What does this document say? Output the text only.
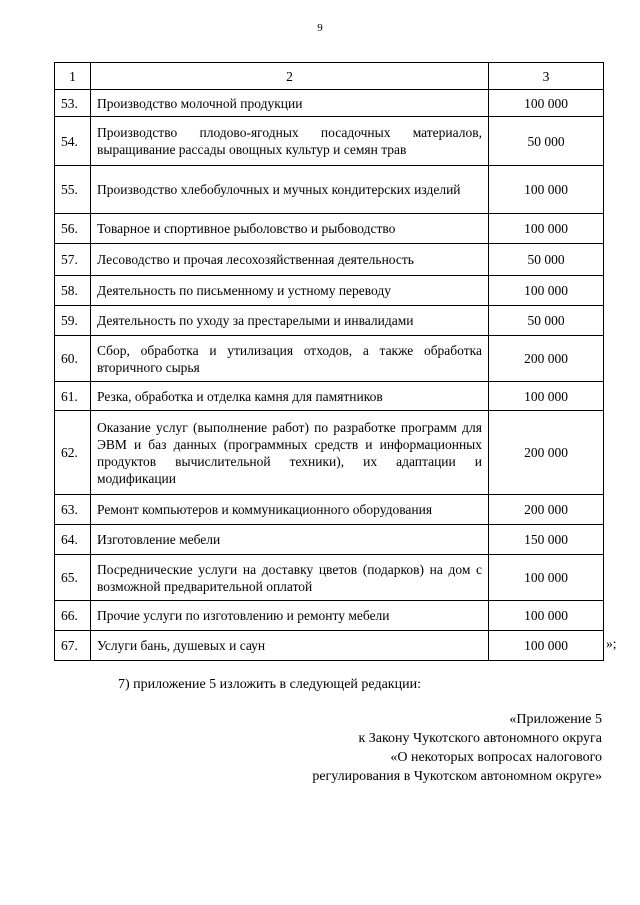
9
1	2	3
53.	Производство молочной продукции	100 000
54.	Производство плодово-ягодных посадочных материалов, выращивание рассады овощных культур и семян трав	50 000
55.	Производство хлебобулочных и мучных кондитерских изделий	100 000
56.	Товарное и спортивное рыболовство и рыбоводство	100 000
57.	Лесоводство и прочая лесохозяйственная деятельность	50 000
58.	Деятельность по письменному и устному переводу	100 000
59.	Деятельность по уходу за престарелыми и инвалидами	50 000
60.	Сбор, обработка и утилизация отходов, а также обработка вторичного сырья	200 000
61.	Резка, обработка и отделка камня для памятников	100 000
62.	Оказание услуг (выполнение работ) по разработке программ для ЭВМ и баз данных (программных средств и информационных продуктов вычислительной техники), их адаптации и модификации	200 000
63.	Ремонт компьютеров и коммуникационного оборудования	200 000
64.	Изготовление мебели	150 000
65.	Посреднические услуги на доставку цветов (подарков) на дом с возможной предварительной оплатой	100 000
66.	Прочие услуги по изготовлению и ремонту мебели	100 000
67.	Услуги бань, душевых и саун	100 000	»;
7) приложение 5 изложить в следующей редакции:
«Приложение 5
к Закону Чукотского автономного округа
«О некоторых вопросах налогового
регулирования в Чукотском автономном округе»
